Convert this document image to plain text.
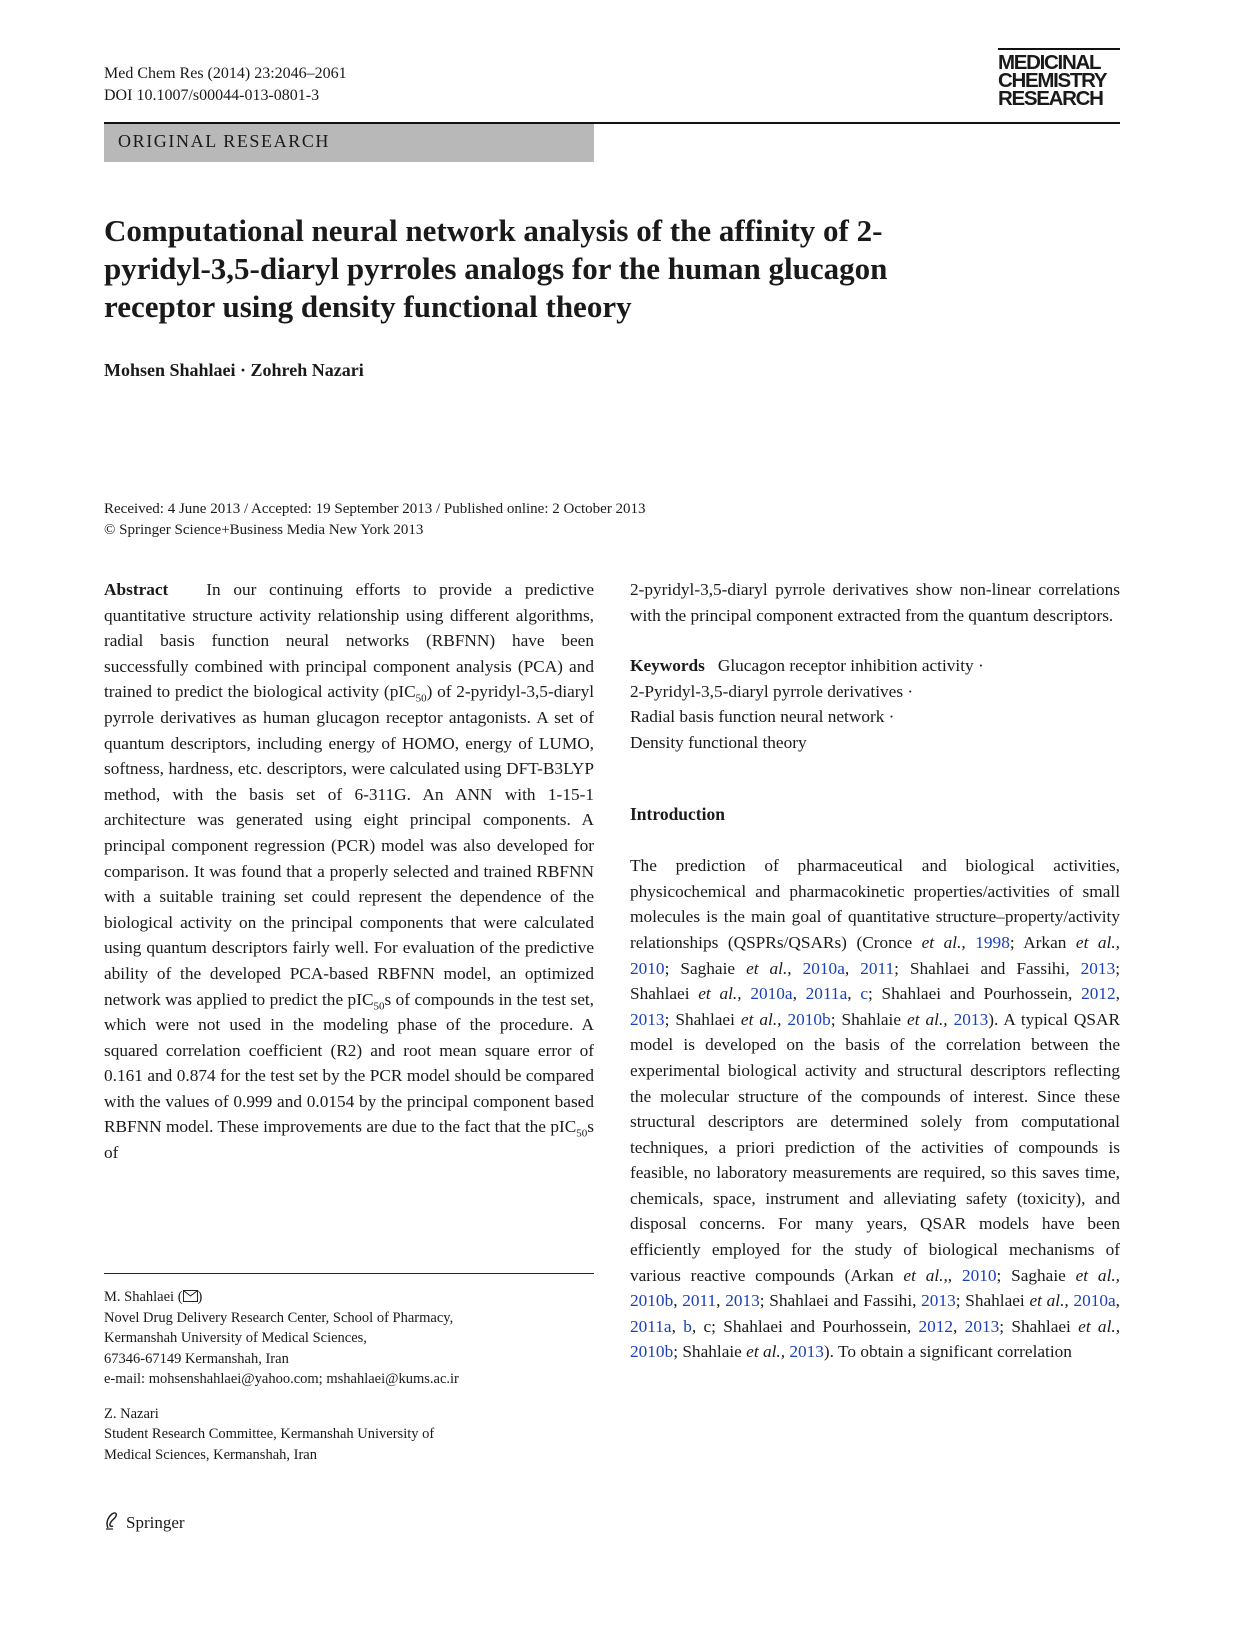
Med Chem Res (2014) 23:2046–2061
DOI 10.1007/s00044-013-0801-3
MEDICINAL
CHEMISTRY
RESEARCH
ORIGINAL RESEARCH
Computational neural network analysis of the affinity of 2-pyridyl-3,5-diaryl pyrroles analogs for the human glucagon receptor using density functional theory
Mohsen Shahlaei · Zohreh Nazari
Received: 4 June 2013 / Accepted: 19 September 2013 / Published online: 2 October 2013
© Springer Science+Business Media New York 2013

Abstract In our continuing efforts to provide a predictive quantitative structure activity relationship using different algorithms, radial basis function neural networks (RBFNN) have been successfully combined with principal component analysis (PCA) and trained to predict the biological activity (pIC$_{50}$) of 2-pyridyl-3,5-diaryl pyrrole derivatives as human glucagon receptor antagonists. A set of quantum descriptors, including energy of HOMO, energy of LUMO, softness, hardness, etc. descriptors, were calculated using DFT-B3LYP method, with the basis set of 6-311G. An ANN with 1-15-1 architecture was generated using eight principal components. A principal component regression (PCR) model was also developed for comparison. It was found that a properly selected and trained RBFNN with a suitable training set could represent the dependence of the biological activity on the principal components that were calculated using quantum descriptors fairly well. For evaluation of the predictive ability of the developed PCA-based RBFNN model, an optimized network was applied to predict the pIC$_{50}$s of compounds in the test set, which were not used in the modeling phase of the procedure. A squared correlation coefficient (R2) and root mean square error of 0.161 and 0.874 for the test set by the PCR model should be compared with the values of 0.999 and 0.0154 by the principal component based RBFNN model. These improvements are due to the fact that the pIC$_{50}$s of

M. Shahlaei ( )

Novel Drug Delivery Research Center, School of Pharmacy,

Kermanshah University of Medical Sciences,

67346-67149 Kermanshah, Iran

e-mail: mohsenshahlaei@yahoo.com; mshahlaei@kums.ac.ir

Z. Nazari

Student Research Committee, Kermanshah University of

Medical Sciences, Kermanshah, Iran

Springer

2-pyridyl-3,5-diaryl pyrrole derivatives show non-linear correlations with the principal component extracted from the quantum descriptors.

Keywords Glucagon receptor inhibition activity ·
2-Pyridyl-3,5-diaryl pyrrole derivatives ·
Radial basis function neural network ·
Density functional theory
Introduction

The prediction of pharmaceutical and biological activities, physicochemical and pharmacokinetic properties/activities of small molecules is the main goal of quantitative structure–property/activity relationships (QSPRs/QSARs) (Cronce et al., 1998; Arkan et al., 2010; Saghaie et al., 2010a, 2011; Shahlaei and Fassihi, 2013; Shahlaei et al., 2010a, 2011a, c; Shahlaei and Pourhossein, 2012, 2013; Shahlaei et al., 2010b; Shahlaie et al., 2013). A typical QSAR model is developed on the basis of the correlation between the experimental biological activity and structural descriptors reflecting the molecular structure of the compounds of interest. Since these structural descriptors are determined solely from computational techniques, a priori prediction of the activities of compounds is feasible, no laboratory measurements are required, so this saves time, chemicals, space, instrument and alleviating safety (toxicity), and disposal concerns. For many years, QSAR models have been efficiently employed for the study of biological mechanisms of various reactive compounds (Arkan et al.,, 2010; Saghaie et al., 2010b, 2011, 2013; Shahlaei and Fassihi, 2013; Shahlaei et al., 2010a, 2011a, b, c; Shahlaei and Pourhossein, 2012, 2013; Shahlaei et al., 2010b; Shahlaie et al., 2013). To obtain a significant correlation
